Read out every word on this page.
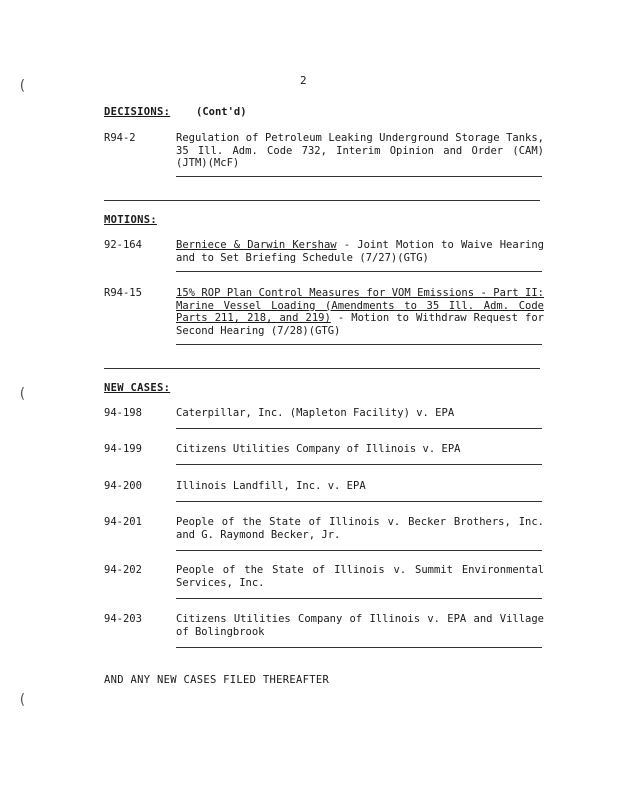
(
(
(
2
DECISIONS: (Cont'd)
R94-2	Regulation of Petroleum Leaking Underground Storage Tanks, 35 Ill. Adm. Code 732, Interim Opinion and Order (CAM)(JTM)(McF)
MOTIONS:
92-164	Berniece & Darwin Kershaw - Joint Motion to Waive Hearing and to Set Briefing Schedule (7/27)(GTG)
R94-15	15% ROP Plan Control Measures for VOM Emissions - Part II: Marine Vessel Loading (Amendments to 35 Ill. Adm. Code Parts 211, 218, and 219) - Motion to Withdraw Request for Second Hearing (7/28)(GTG)
NEW CASES:
94-198	Caterpillar, Inc. (Mapleton Facility) v. EPA
94-199	Citizens Utilities Company of Illinois v. EPA
94-200	Illinois Landfill, Inc. v. EPA
94-201	People of the State of Illinois v. Becker Brothers, Inc. and G. Raymond Becker, Jr.
94-202	People of the State of Illinois v. Summit Environmental Services, Inc.
94-203	Citizens Utilities Company of Illinois v. EPA and Village of Bolingbrook
AND ANY NEW CASES FILED THEREAFTER
